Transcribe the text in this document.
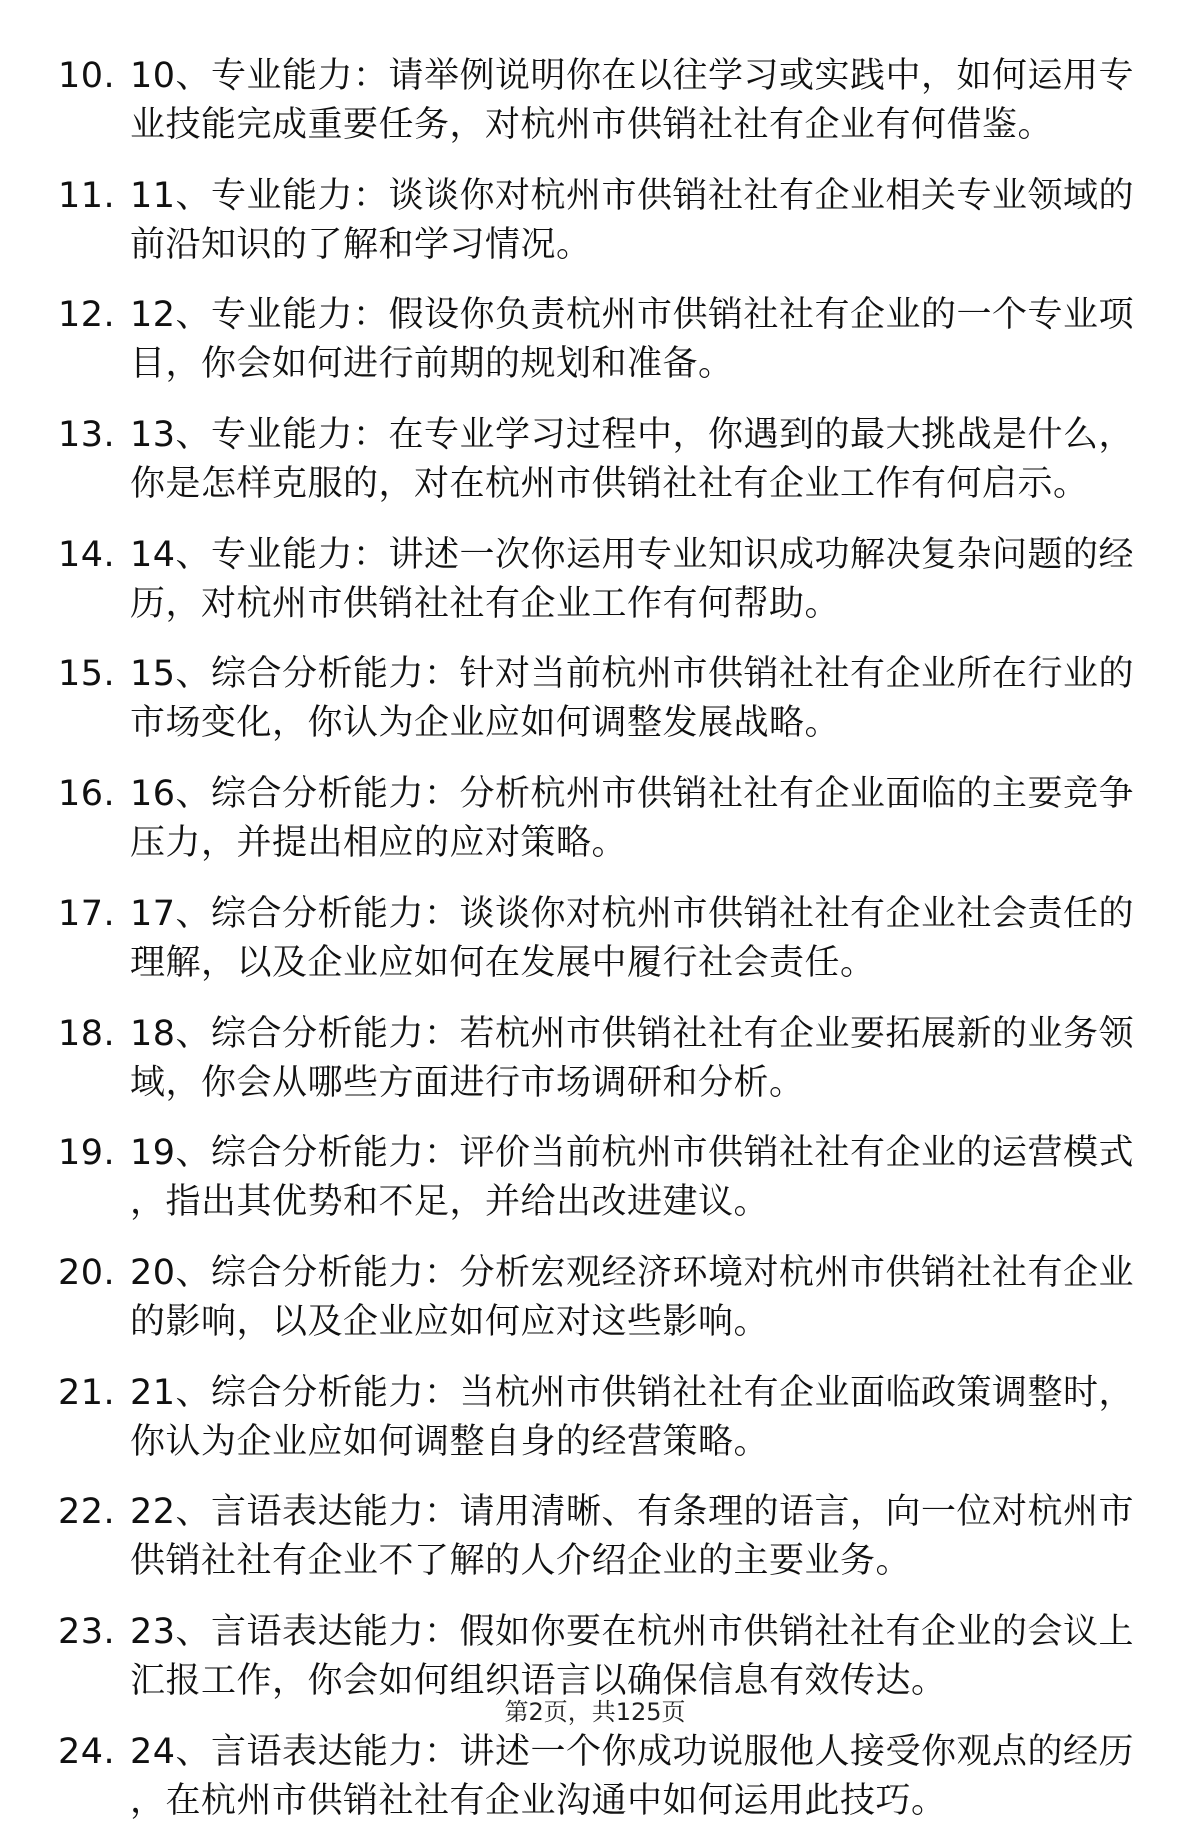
10. 10、专业能力：请举例说明你在以往学习或实践中，如何运用专业技能完成重要任务，对杭州市供销社社有企业有何借鉴。
11. 11、专业能力：谈谈你对杭州市供销社社有企业相关专业领域的前沿知识的了解和学习情况。
12. 12、专业能力：假设你负责杭州市供销社社有企业的一个专业项目，你会如何进行前期的规划和准备。
13. 13、专业能力：在专业学习过程中，你遇到的最大挑战是什么，你是怎样克服的，对在杭州市供销社社有企业工作有何启示。
14. 14、专业能力：讲述一次你运用专业知识成功解决复杂问题的经历，对杭州市供销社社有企业工作有何帮助。
15. 15、综合分析能力：针对当前杭州市供销社社有企业所在行业的市场变化，你认为企业应如何调整发展战略。
16. 16、综合分析能力：分析杭州市供销社社有企业面临的主要竞争压力，并提出相应的应对策略。
17. 17、综合分析能力：谈谈你对杭州市供销社社有企业社会责任的理解，以及企业应如何在发展中履行社会责任。
18. 18、综合分析能力：若杭州市供销社社有企业要拓展新的业务领域，你会从哪些方面进行市场调研和分析。
19. 19、综合分析能力：评价当前杭州市供销社社有企业的运营模式，指出其优势和不足，并给出改进建议。
20. 20、综合分析能力：分析宏观经济环境对杭州市供销社社有企业的影响，以及企业应如何应对这些影响。
21. 21、综合分析能力：当杭州市供销社社有企业面临政策调整时，你认为企业应如何调整自身的经营策略。
22. 22、言语表达能力：请用清晰、有条理的语言，向一位对杭州市供销社社有企业不了解的人介绍企业的主要业务。
23. 23、言语表达能力：假如你要在杭州市供销社社有企业的会议上汇报工作，你会如何组织语言以确保信息有效传达。
24. 24、言语表达能力：讲述一个你成功说服他人接受你观点的经历，在杭州市供销社社有企业沟通中如何运用此技巧。
第2页，共125页
